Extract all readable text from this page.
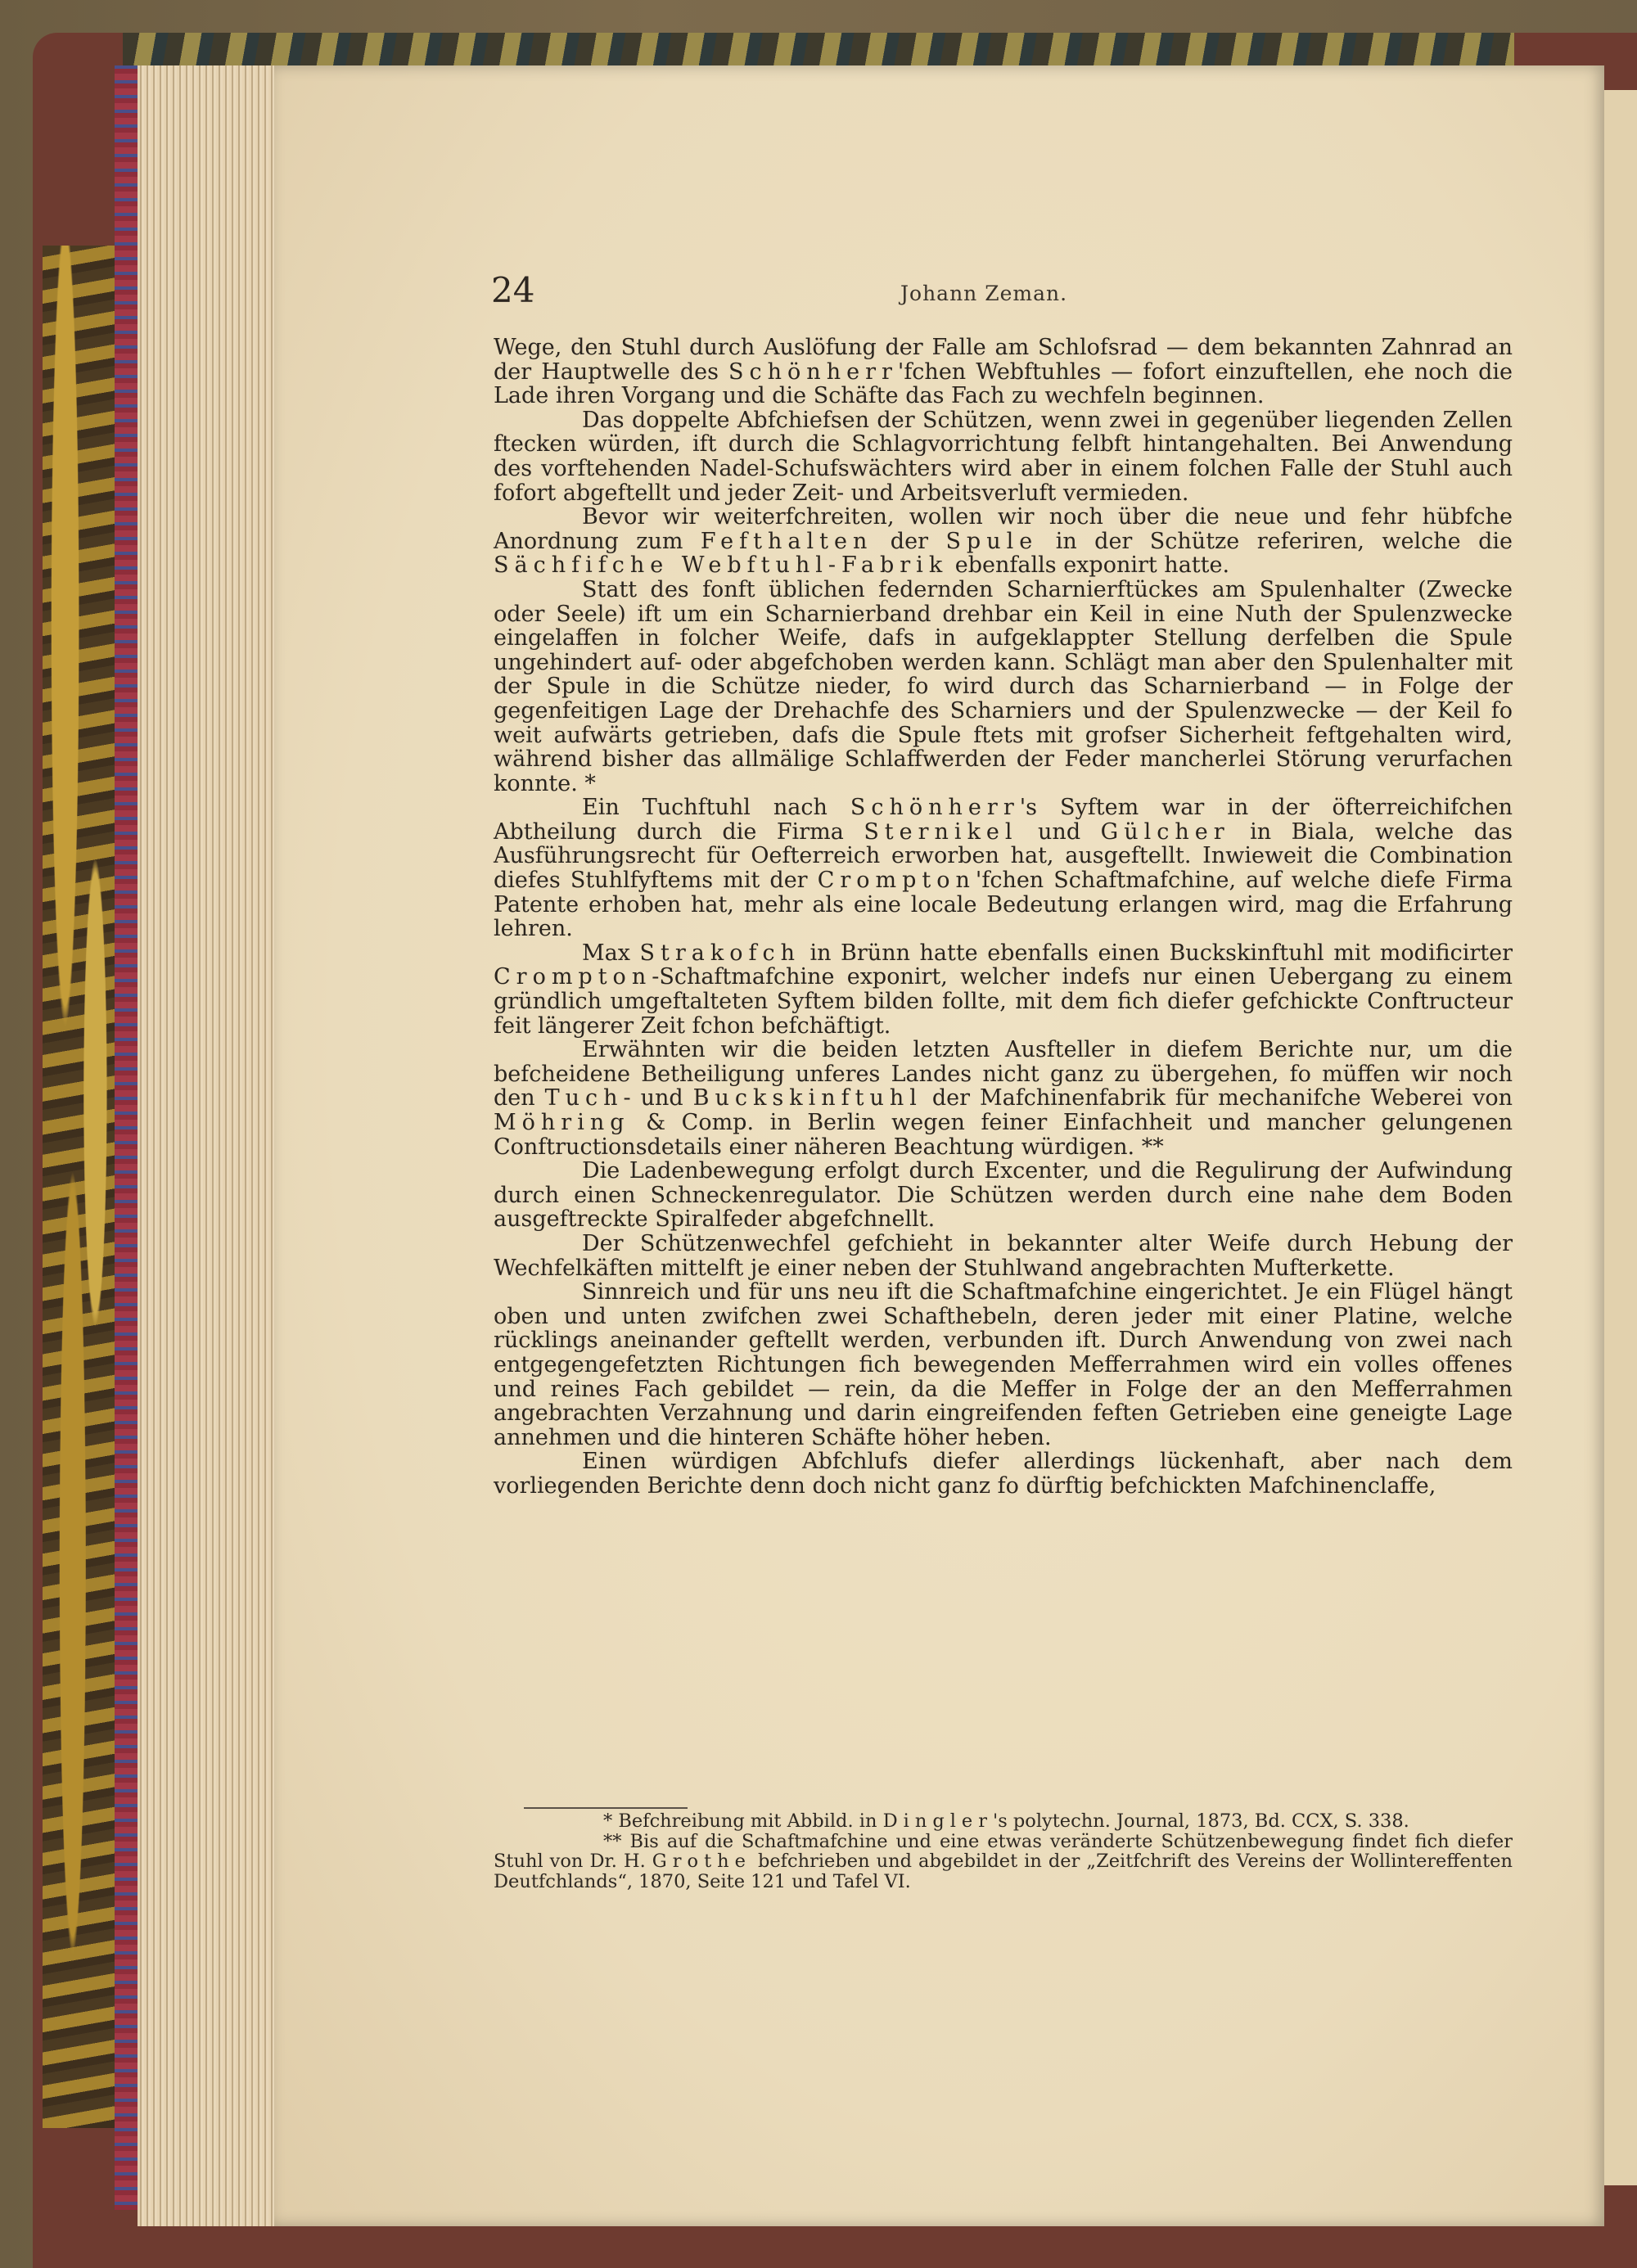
24	Johann Zeman.

Wege, den Stuhl durch Auslöfung der Falle am Schlofsrad — dem bekannten Zahnrad an der Hauptwelle des Schönherr'fchen Webftuhles — fofort einzuftellen, ehe noch die Lade ihren Vorgang und die Schäfte das Fach zu wechfeln beginnen.

Das doppelte Abfchiefsen der Schützen, wenn zwei in gegenüber liegenden Zellen ftecken würden, ift durch die Schlagvorrichtung felbft hintangehalten. Bei Anwendung des vorftehenden Nadel-Schufswächters wird aber in einem folchen Falle der Stuhl auch fofort abgeftellt und jeder Zeit- und Arbeitsverluft vermieden.

Bevor wir weiterfchreiten, wollen wir noch über die neue und fehr hübfche Anordnung zum Fefthalten der Spule in der Schütze referiren, welche die Sächfifche Webftuhl-Fabrik ebenfalls exponirt hatte.

Statt des fonft üblichen federnden Scharnierftückes am Spulenhalter (Zwecke oder Seele) ift um ein Scharnierband drehbar ein Keil in eine Nuth der Spulenzwecke eingelaffen in folcher Weife, dafs in aufgeklappter Stellung derfelben die Spule ungehindert auf- oder abgefchoben werden kann. Schlägt man aber den Spulenhalter mit der Spule in die Schütze nieder, fo wird durch das Scharnierband — in Folge der gegenfeitigen Lage der Drehachfe des Scharniers und der Spulenzwecke — der Keil fo weit aufwärts getrieben, dafs die Spule ftets mit grofser Sicherheit feftgehalten wird, während bisher das allmälige Schlaffwerden der Feder mancherlei Störung verurfachen konnte. *

Ein Tuchftuhl nach Schönherr's Syftem war in der öfterreichifchen Abtheilung durch die Firma Sternikel und Gülcher in Biala, welche das Ausführungsrecht für Oefterreich erworben hat, ausgeftellt. Inwieweit die Combination diefes Stuhlfyftems mit der Crompton'fchen Schaftmafchine, auf welche diefe Firma Patente erhoben hat, mehr als eine locale Bedeutung erlangen wird, mag die Erfahrung lehren.

Max Strakofch in Brünn hatte ebenfalls einen Buckskinftuhl mit modificirter Crompton-Schaftmafchine exponirt, welcher indefs nur einen Uebergang zu einem gründlich umgeftalteten Syftem bilden follte, mit dem fich diefer gefchickte Conftructeur feit längerer Zeit fchon befchäftigt.

Erwähnten wir die beiden letzten Ausfteller in diefem Berichte nur, um die befcheidene Betheiligung unferes Landes nicht ganz zu übergehen, fo müffen wir noch den Tuch- und Buckskinftuhl der Mafchinenfabrik für mechanifche Weberei von Möhring & Comp. in Berlin wegen feiner Einfachheit und mancher gelungenen Conftructionsdetails einer näheren Beachtung würdigen. **

Die Ladenbewegung erfolgt durch Excenter, und die Regulirung der Aufwindung durch einen Schneckenregulator. Die Schützen werden durch eine nahe dem Boden ausgeftreckte Spiralfeder abgefchnellt.

Der Schützenwechfel gefchieht in bekannter alter Weife durch Hebung der Wechfelkäften mittelft je einer neben der Stuhlwand angebrachten Mufterkette.

Sinnreich und für uns neu ift die Schaftmafchine eingerichtet. Je ein Flügel hängt oben und unten zwifchen zwei Schafthebeln, deren jeder mit einer Platine, welche rücklings aneinander geftellt werden, verbunden ift. Durch Anwendung von zwei nach entgegengefetzten Richtungen fich bewegenden Mefferrahmen wird ein volles offenes und reines Fach gebildet — rein, da die Meffer in Folge der an den Mefferrahmen angebrachten Verzahnung und darin eingreifenden feften Getrieben eine geneigte Lage annehmen und die hinteren Schäfte höher heben.

Einen würdigen Abfchlufs diefer allerdings lückenhaft, aber nach dem vorliegenden Berichte denn doch nicht ganz fo dürftig befchickten Mafchinenclaffe,

* Befchreibung mit Abbild. in Dingler's polytechn. Journal, 1873, Bd. CCX, S. 338.

** Bis auf die Schaftmafchine und eine etwas veränderte Schützenbewegung findet fich diefer Stuhl von Dr. H. Grothe befchrieben und abgebildet in der „Zeitfchrift des Vereins der Wollintereffenten Deutfchlands“, 1870, Seite 121 und Tafel VI.
